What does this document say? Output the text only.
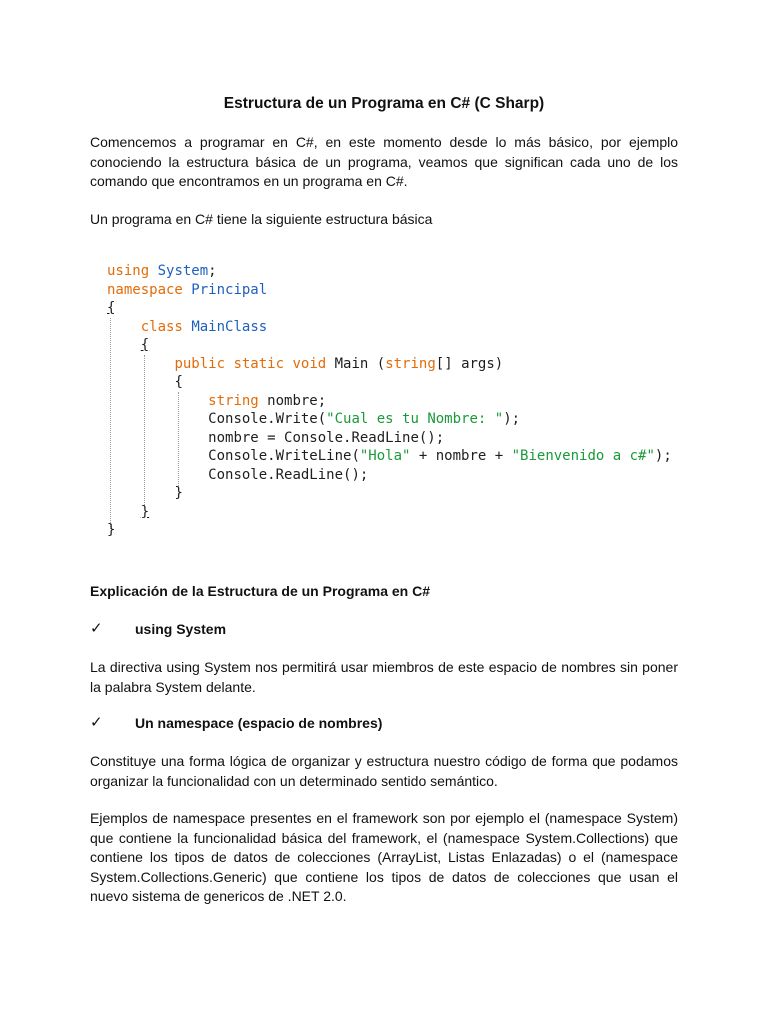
Estructura de un Programa en C# (C Sharp)
Comencemos a programar en C#, en este momento desde lo más básico, por ejemplo conociendo la estructura básica de un programa, veamos que significan cada uno de los comando que encontramos en un programa en C#.
Un programa en C# tiene la siguiente estructura básica
using System;
namespace Principal
{
class MainClass
{
public static void Main (string[] args)
{
string nombre;
Console.Write("Cual es tu Nombre: ");
nombre = Console.ReadLine();
Console.WriteLine("Hola" + nombre + "Bienvenido a c#");
Console.ReadLine();
}
}
}
Explicación de la Estructura de un Programa en C#
✓ using System
La directiva using System nos permitirá usar miembros de este espacio de nombres sin poner la palabra System delante.
✓ Un namespace (espacio de nombres)
Constituye una forma lógica de organizar y estructura nuestro código de forma que podamos organizar la funcionalidad con un determinado sentido semántico.
Ejemplos de namespace presentes en el framework son por ejemplo el (namespace System) que contiene la funcionalidad básica del framework, el (namespace System.Collections) que contiene los tipos de datos de colecciones (ArrayList, Listas Enlazadas) o el (namespace System.Collections.Generic) que contiene los tipos de datos de colecciones que usan el nuevo sistema de genericos de .NET 2.0.
